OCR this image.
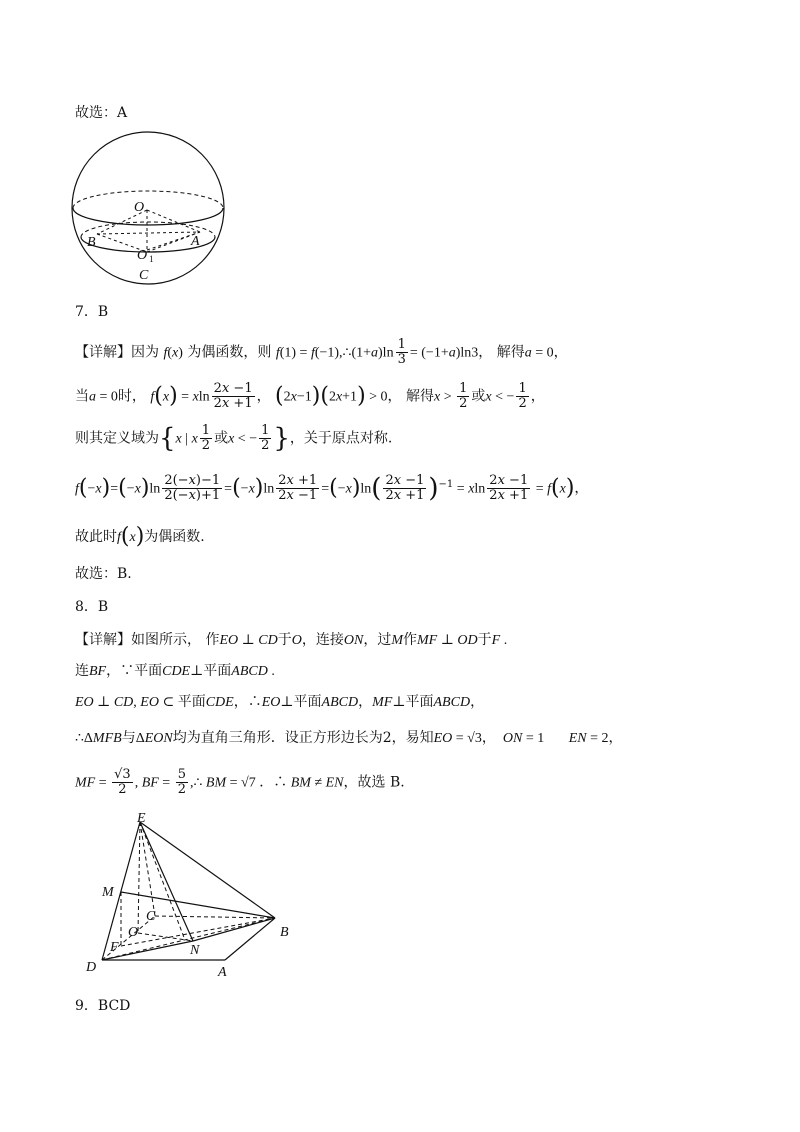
故选：A
O
B	A
O 1
C
7．B
【详解】因为 f(x) 为偶函数，则 f(1) = f(−1),∴(1+a)ln $\frac{1}{3} = (-1+a)\ln 3$， 解得a = 0，
当a = 0时， f(x) = xln $\frac{2x -1}{2x +1}$ ， (2x−1)(2x+1) > 0， 解得$x > \frac{1}{2}$ 或x < − $\frac{1}{2}$ ，
则其定义域为{x | x $\frac{1}{2}$ 或x < − $\frac{1}{2}$ }，关于原点对称.
$f(-x)=(-x)\ln \frac{2(-x)-1}{2(-x)+1} =(-x)\ln \frac{2x +1}{2x -1} =(-x)\ln( \frac{2x -1}{2x +1} )^{-1} = xln \frac{2x -1}{2x +1} = f(x)$，
故此时f(x)为偶函数.
故选：B.
8．B
【详解】如图所示， 作EO ⊥ CD于O，连接ON，过M作MF ⊥ OD于F .
连BF，∵平面CDE⊥平面ABCD .
EO ⊥ CD, EO ⊂ 平面CDE，∴EO⊥平面ABCD，MF⊥平面ABCD，
∴ΔMFB与ΔEON均为直角三角形．设正方形边长为2，易知EO = √3，  ON = 1       EN = 2，
MF = $\frac{√3}{2}$ , BF = $\frac{5}{2}$ ,∴ BM = √7 ．∴ BM ≠ EN，故选 B.
E
M
C
O
F	N
D	A
B
9．BCD
